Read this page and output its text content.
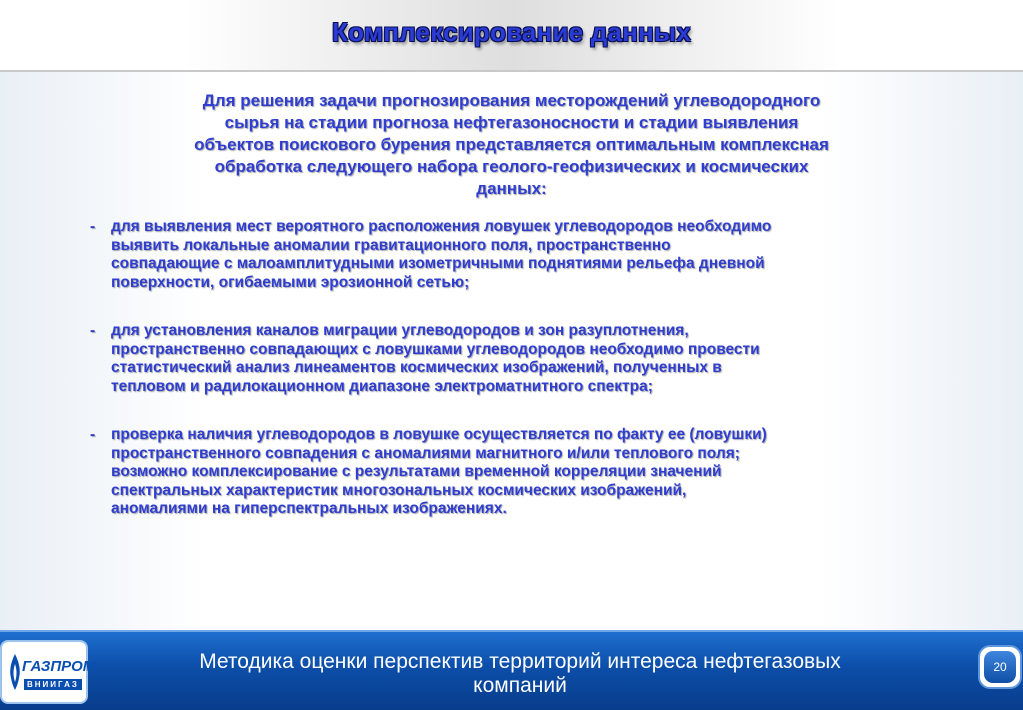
Комплексирование данных
Для решения задачи прогнозирования месторождений углеводородного
сырья на стадии прогноза нефтегазоносности и стадии выявления
объектов поискового бурения представляется оптимальным комплексная
обработка следующего набора геолого-геофизических и космических
данных:
- для выявления мест вероятного расположения ловушек углеводородов необходимо
выявить локальные аномалии гравитационного поля, пространственно
совпадающие с малоамплитудными изометричными поднятиями рельефа дневной
поверхности, огибаемыми эрозионной сетью;
- для установления каналов миграции углеводородов и зон разуплотнения,
пространственно совпадающих с ловушками углеводородов необходимо провести
статистический анализ линеаментов космических изображений, полученных в
тепловом и радилокационном диапазоне электроматнитного спектра;
- проверка наличия углеводородов в ловушке осуществляется по факту ее (ловушки)
пространственного совпадения с аномалиями магнитного и/или теплового поля;
возможно комплексирование с результатами временной корреляции значений
спектральных характеристик многозональных космических изображений,
аномалиями на гиперспектральных изображениях.
ГАЗПРОМ
ВНИИГАЗ
Методика оценки перспектив территорий интереса нефтегазовых
компаний
20
